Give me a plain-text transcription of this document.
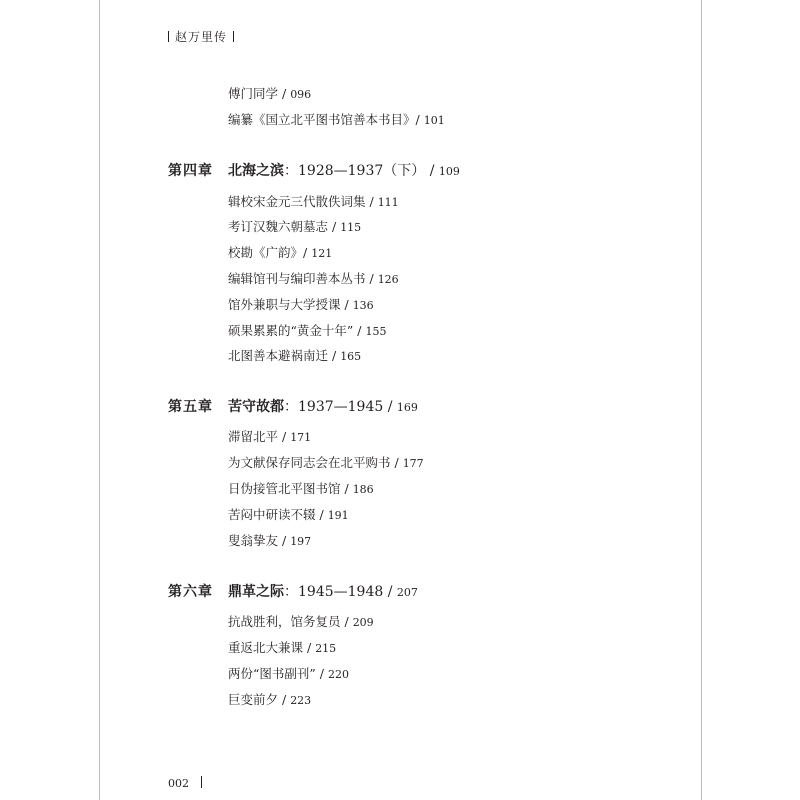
赵万里传
傅门同学 / 096
编纂《国立北平图书馆善本书目》/ 101
第四章 北海之滨：1928—1937（下） / 109
辑校宋金元三代散佚词集 / 111
考订汉魏六朝墓志 / 115
校勘《广韵》/ 121
编辑馆刊与编印善本丛书 / 126
馆外兼职与大学授课 / 136
硕果累累的“黄金十年” / 155
北图善本避祸南迁 / 165
第五章 苦守故都：1937—1945 / 169
滞留北平 / 171
为文献保存同志会在北平购书 / 177
日伪接管北平图书馆 / 186
苦闷中研读不辍 / 191
叟翁挚友 / 197
第六章 鼎革之际：1945—1948 / 207
抗战胜利，馆务复员 / 209
重返北大兼课 / 215
两份“图书副刊” / 220
巨变前夕 / 223
002
